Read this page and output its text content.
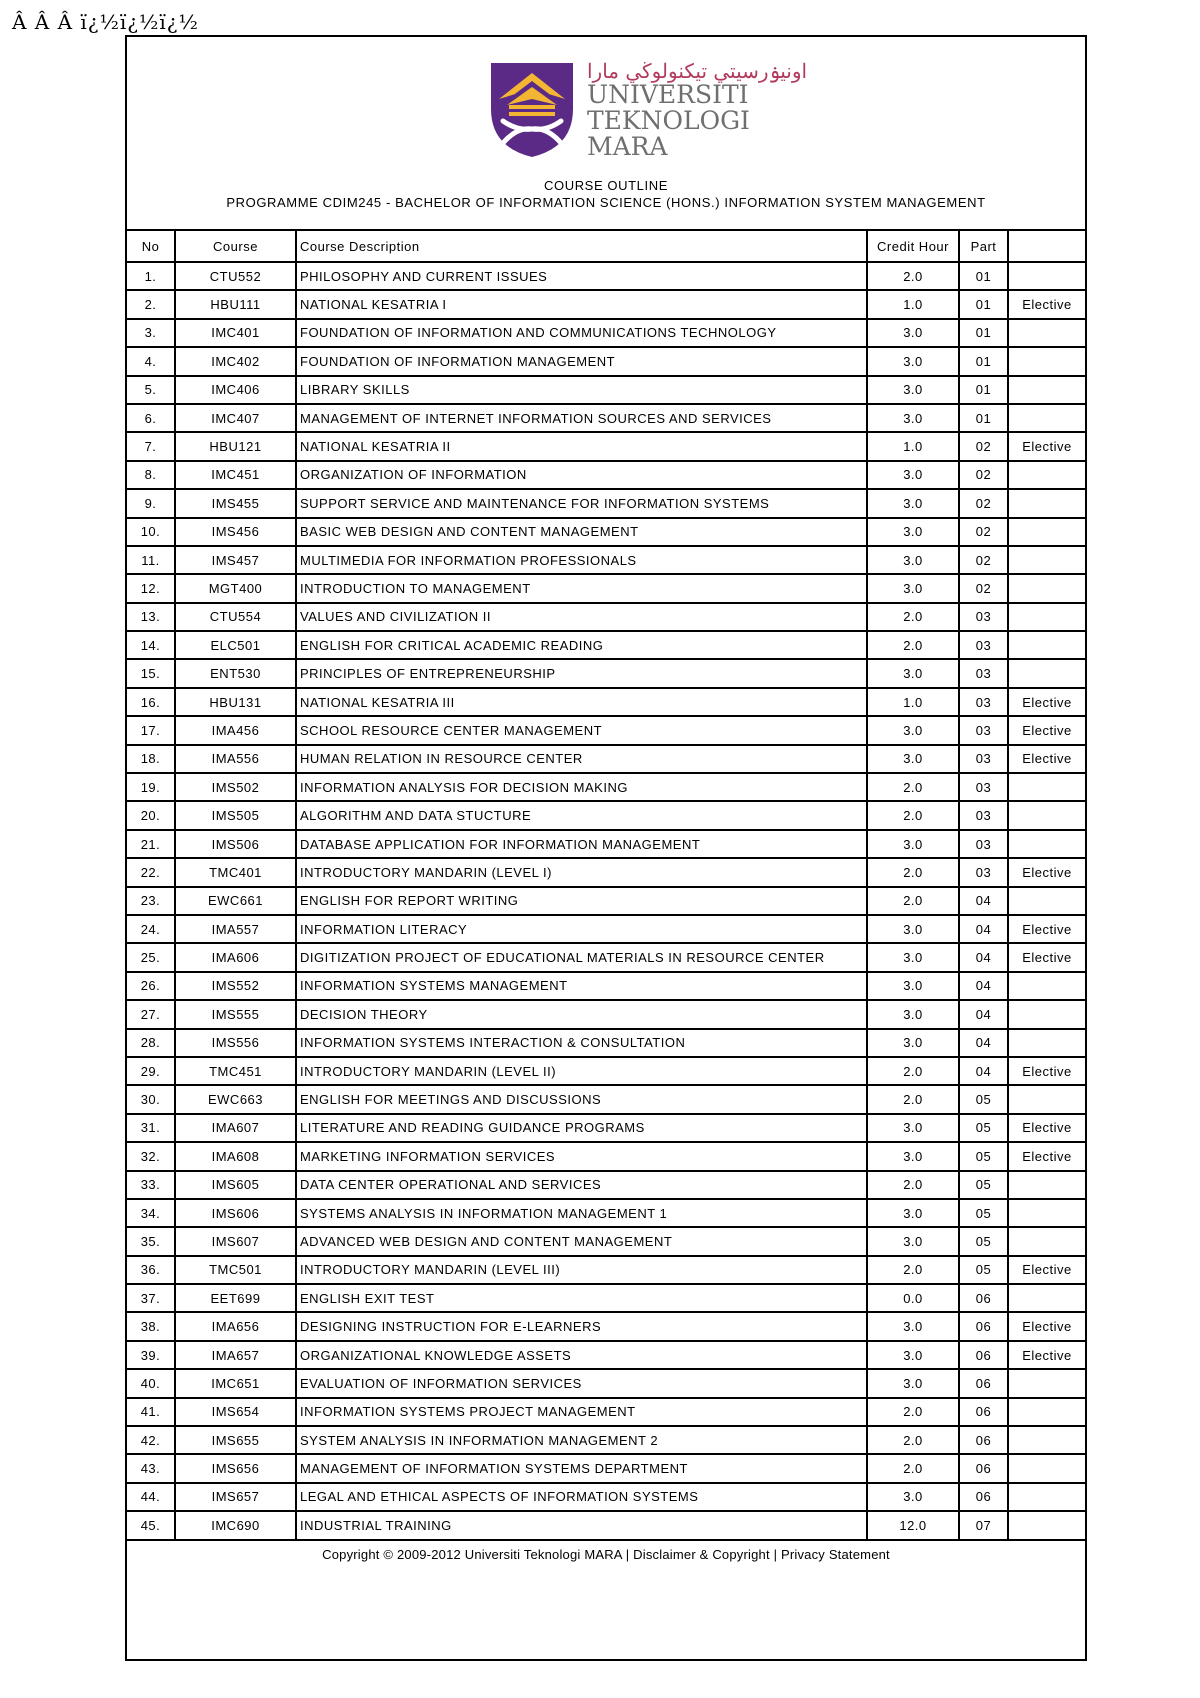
Â Â Â ï¿½ï¿½ï¿½
اونيۏرسيتي تيكنولوڬي مارا
UNIVERSITI
TEKNOLOGI
MARA
COURSE OUTLINE
PROGRAMME CDIM245 - BACHELOR OF INFORMATION SCIENCE (HONS.) INFORMATION SYSTEM MANAGEMENT
No	Course	Course Description	Credit Hour	Part	
1.	CTU552	PHILOSOPHY AND CURRENT ISSUES	2.0	01	
2.	HBU111	NATIONAL KESATRIA I	1.0	01	Elective
3.	IMC401	FOUNDATION OF INFORMATION AND COMMUNICATIONS TECHNOLOGY	3.0	01	
4.	IMC402	FOUNDATION OF INFORMATION MANAGEMENT	3.0	01	
5.	IMC406	LIBRARY SKILLS	3.0	01	
6.	IMC407	MANAGEMENT OF INTERNET INFORMATION SOURCES AND SERVICES	3.0	01	
7.	HBU121	NATIONAL KESATRIA II	1.0	02	Elective
8.	IMC451	ORGANIZATION OF INFORMATION	3.0	02	
9.	IMS455	SUPPORT SERVICE AND MAINTENANCE FOR INFORMATION SYSTEMS	3.0	02	
10.	IMS456	BASIC WEB DESIGN AND CONTENT MANAGEMENT	3.0	02	
11.	IMS457	MULTIMEDIA FOR INFORMATION PROFESSIONALS	3.0	02	
12.	MGT400	INTRODUCTION TO MANAGEMENT	3.0	02	
13.	CTU554	VALUES AND CIVILIZATION II	2.0	03	
14.	ELC501	ENGLISH FOR CRITICAL ACADEMIC READING	2.0	03	
15.	ENT530	PRINCIPLES OF ENTREPRENEURSHIP	3.0	03	
16.	HBU131	NATIONAL KESATRIA III	1.0	03	Elective
17.	IMA456	SCHOOL RESOURCE CENTER MANAGEMENT	3.0	03	Elective
18.	IMA556	HUMAN RELATION IN RESOURCE CENTER	3.0	03	Elective
19.	IMS502	INFORMATION ANALYSIS FOR DECISION MAKING	2.0	03	
20.	IMS505	ALGORITHM AND DATA STUCTURE	2.0	03	
21.	IMS506	DATABASE APPLICATION FOR INFORMATION MANAGEMENT	3.0	03	
22.	TMC401	INTRODUCTORY MANDARIN (LEVEL I)	2.0	03	Elective
23.	EWC661	ENGLISH FOR REPORT WRITING	2.0	04	
24.	IMA557	INFORMATION LITERACY	3.0	04	Elective
25.	IMA606	DIGITIZATION PROJECT OF EDUCATIONAL MATERIALS IN RESOURCE CENTER	3.0	04	Elective
26.	IMS552	INFORMATION SYSTEMS MANAGEMENT	3.0	04	
27.	IMS555	DECISION THEORY	3.0	04	
28.	IMS556	INFORMATION SYSTEMS INTERACTION & CONSULTATION	3.0	04	
29.	TMC451	INTRODUCTORY MANDARIN (LEVEL II)	2.0	04	Elective
30.	EWC663	ENGLISH FOR MEETINGS AND DISCUSSIONS	2.0	05	
31.	IMA607	LITERATURE AND READING GUIDANCE PROGRAMS	3.0	05	Elective
32.	IMA608	MARKETING INFORMATION SERVICES	3.0	05	Elective
33.	IMS605	DATA CENTER OPERATIONAL AND SERVICES	2.0	05	
34.	IMS606	SYSTEMS ANALYSIS IN INFORMATION MANAGEMENT 1	3.0	05	
35.	IMS607	ADVANCED WEB DESIGN AND CONTENT MANAGEMENT	3.0	05	
36.	TMC501	INTRODUCTORY MANDARIN (LEVEL III)	2.0	05	Elective
37.	EET699	ENGLISH EXIT TEST	0.0	06	
38.	IMA656	DESIGNING INSTRUCTION FOR E-LEARNERS	3.0	06	Elective
39.	IMA657	ORGANIZATIONAL KNOWLEDGE ASSETS	3.0	06	Elective
40.	IMC651	EVALUATION OF INFORMATION SERVICES	3.0	06	
41.	IMS654	INFORMATION SYSTEMS PROJECT MANAGEMENT	2.0	06	
42.	IMS655	SYSTEM ANALYSIS IN INFORMATION MANAGEMENT 2	2.0	06	
43.	IMS656	MANAGEMENT OF INFORMATION SYSTEMS DEPARTMENT	2.0	06	
44.	IMS657	LEGAL AND ETHICAL ASPECTS OF INFORMATION SYSTEMS	3.0	06	
45.	IMC690	INDUSTRIAL TRAINING	12.0	07	
Copyright © 2009-2012 Universiti Teknologi MARA | Disclaimer & Copyright | Privacy Statement
